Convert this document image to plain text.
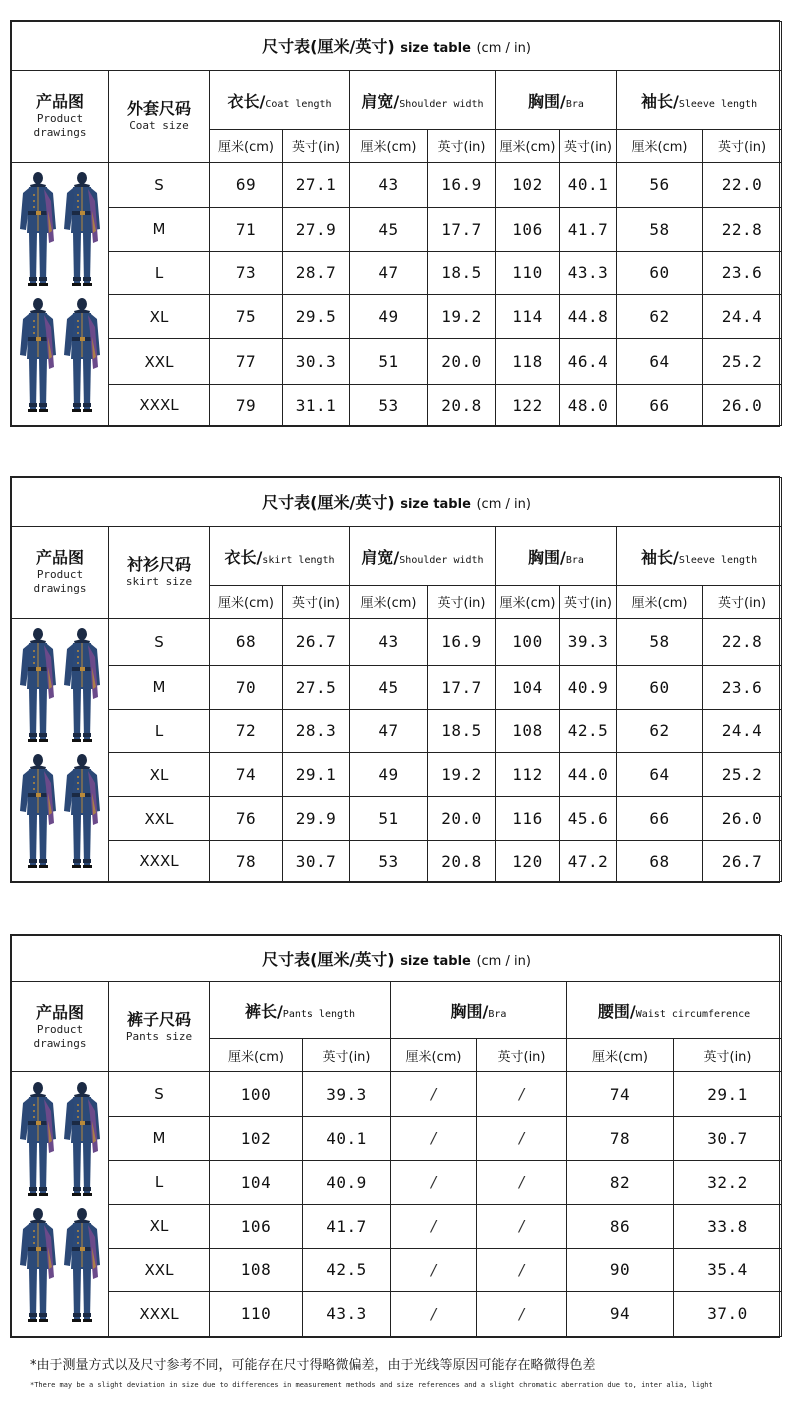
尺寸表(厘米/英寸) size table (cm / in)									

产品图
Product
drawings	外套尺码
Coat size	衣长/Coat length		肩宽/Shoulder width		胸围/Bra		袖长/Sleeve length	
		厘米(cm)	英寸(in)	厘米(cm)	英寸(in)	厘米(cm)	英寸(in)	厘米(cm)	英寸(in)

	S	69	27.1	43	16.9	102	40.1	56	22.0
	M	71	27.9	45	17.7	106	41.7	58	22.8
	L	73	28.7	47	18.5	110	43.3	60	23.6
	XL	75	29.5	49	19.2	114	44.8	62	24.4
	XXL	77	30.3	51	20.0	118	46.4	64	25.2
	XXXL	79	31.1	53	20.8	122	48.0	66	26.0
尺寸表(厘米/英寸) size table (cm / in)									

产品图
Product
drawings	衬衫尺码
skirt size	衣长/skirt length		肩宽/Shoulder width		胸围/Bra		袖长/Sleeve length	
		厘米(cm)	英寸(in)	厘米(cm)	英寸(in)	厘米(cm)	英寸(in)	厘米(cm)	英寸(in)

	S	68	26.7	43	16.9	100	39.3	58	22.8
	M	70	27.5	45	17.7	104	40.9	60	23.6
	L	72	28.3	47	18.5	108	42.5	62	24.4
	XL	74	29.1	49	19.2	112	44.0	64	25.2
	XXL	76	29.9	51	20.0	116	45.6	66	26.0
	XXXL	78	30.7	53	20.8	120	47.2	68	26.7
尺寸表(厘米/英寸) size table (cm / in)							

产品图
Product
drawings	裤子尺码
Pants size	裤长/Pants length		胸围/Bra		腰围/Waist circumference	
		厘米(cm)	英寸(in)	厘米(cm)	英寸(in)	厘米(cm)	英寸(in)

	S	100	39.3	/	/	74	29.1
	M	102	40.1	/	/	78	30.7
	L	104	40.9	/	/	82	32.2
	XL	106	41.7	/	/	86	33.8
	XXL	108	42.5	/	/	90	35.4
	XXXL	110	43.3	/	/	94	37.0
*由于测量方式以及尺寸参考不同，可能存在尺寸得略微偏差，由于光线等原因可能存在略微得色差
*There may be a slight deviation in size due to differences in measurement methods and size references and a slight chromatic aberration due to, inter alia, light
